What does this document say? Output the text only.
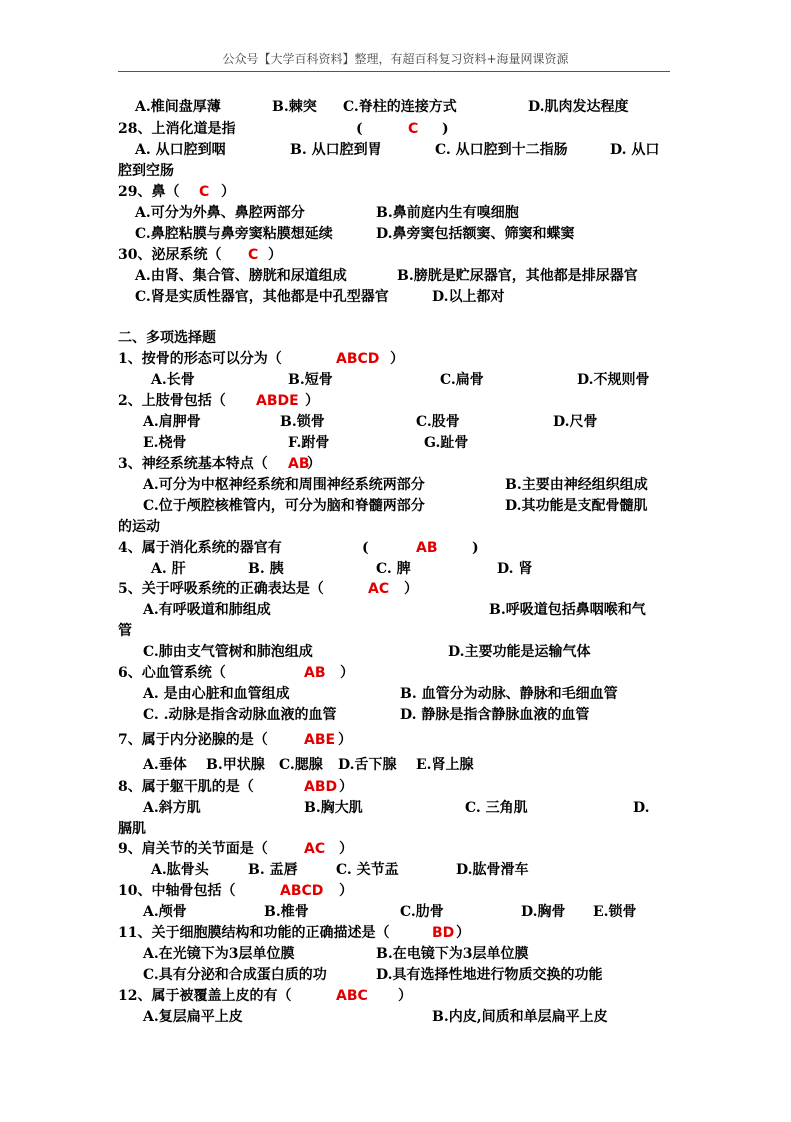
公众号【大学百科资料】整理，有超百科复习资料+海量网课资源
A.椎间盘厚薄	B.棘突 C.脊柱的连接方式	D.肌肉发达程度
28、上消化道是指	(	C )
A. 从口腔到咽	B. 从口腔到胃	C. 从口腔到十二指肠	D. 从口
腔到空肠
29、鼻（ C ）
A.可分为外鼻、鼻腔两部分	B.鼻前庭内生有嗅细胞
C.鼻腔粘膜与鼻旁窦粘膜想延续	D.鼻旁窦包括额窦、筛窦和蝶窦
30、泌尿系统（ C ）
A.由肾、集合管、膀胱和尿道组成	B.膀胱是贮尿器官，其他都是排尿器官
C.肾是实质性器官，其他都是中孔型器官	D.以上都对
二、多项选择题
1、按骨的形态可以分为（	ABCD ）
A.长骨	B.短骨	C.扁骨	D.不规则骨
2、上肢骨包括（ ABDE ）
A.肩胛骨	B.锁骨	C.股骨	D.尺骨
E.桡骨	F.跗骨	G.趾骨
3、神经系统基本特点（ AB
）
A.可分为中枢神经系统和周围神经系统两部分	B.主要由神经组织组成
C.位于颅腔核椎管内，可分为脑和脊髓两部分	D.其功能是支配骨髓肌
的运动
4、属于消化系统的器官有	(	AB )
A. 肝	B. 胰	C. 脾	D. 肾
5、关于呼吸系统的正确表达是（	AC ）
A.有呼吸道和肺组成	B.呼吸道包括鼻咽喉和气
管
C.肺由支气管树和肺泡组成	D.主要功能是运输气体
6、心血管系统（	AB ）
A. 是由心脏和血管组成	B. 血管分为动脉、静脉和毛细血管
C. .动脉是指含动脉血液的血管	D. 静脉是指含静脉血液的血管
7、属于内分泌腺的是（	ABE ）
A.垂体 B.甲状腺 C.腮腺 D.舌下腺 E.肾上腺
8、属于躯干肌的是（	ABD ）
A.斜方肌	B.胸大肌	C. 三角肌	D.
膈肌
9、肩关节的关节面是（	AC ）
A.肱骨头	B. 盂唇	C. 关节盂	D.肱骨滑车
10、中轴骨包括（	ABCD ）
A.颅骨	B.椎骨	C.肋骨	D.胸骨 E.锁骨
11、关于细胞膜结构和功能的正确描述是（	BD ）
A.在光镜下为3层单位膜	B.在电镜下为3层单位膜
C.具有分泌和合成蛋白质的功	D.具有选择性地进行物质交换的功能
12、属于被覆盖上皮的有（	ABC ）
A.复层扁平上皮	B.内皮,间质和单层扁平上皮
